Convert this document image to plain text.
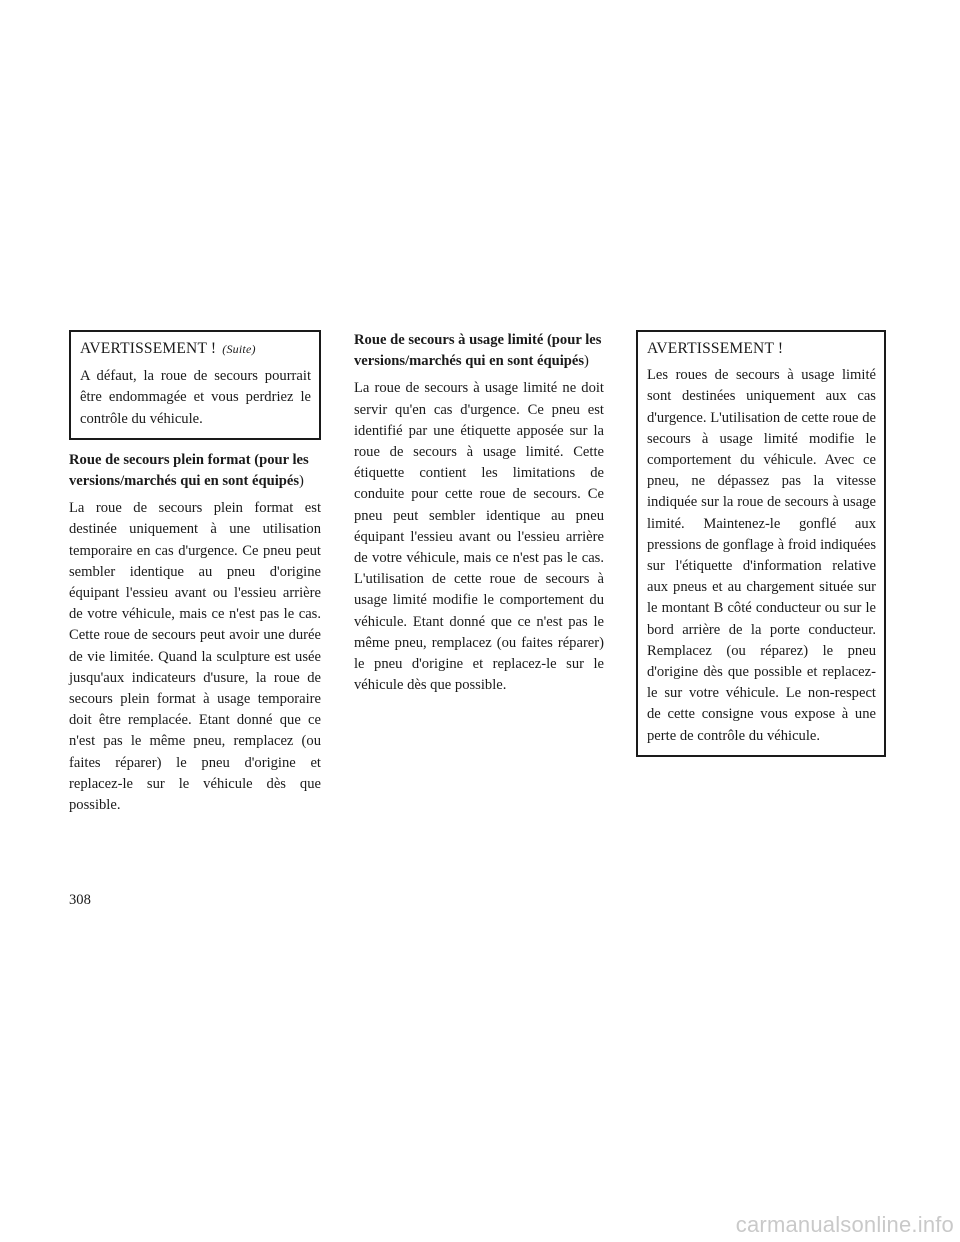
AVERTISSEMENT ! (Suite)

A défaut, la roue de secours pourrait être endommagée et vous perdriez le contrôle du véhicule.

Roue de secours plein format (pour les versions/marchés qui en sont équipés)

La roue de secours plein format est destinée uniquement à une utilisation temporaire en cas d'urgence. Ce pneu peut sembler identique au pneu d'origine équipant l'essieu avant ou l'essieu arrière de votre véhicule, mais ce n'est pas le cas. Cette roue de secours peut avoir une durée de vie limitée. Quand la sculpture est usée jusqu'aux indicateurs d'usure, la roue de secours plein format à usage temporaire doit être remplacée. Etant donné que ce n'est pas le même pneu, remplacez (ou faites réparer) le pneu d'origine et replacez-le sur le véhicule dès que possible.

Roue de secours à usage limité (pour les versions/marchés qui en sont équipés)

La roue de secours à usage limité ne doit servir qu'en cas d'urgence. Ce pneu est identifié par une étiquette apposée sur la roue de secours à usage limité. Cette étiquette contient les limitations de conduite pour cette roue de secours. Ce pneu peut sembler identique au pneu équipant l'essieu avant ou l'essieu arrière de votre véhicule, mais ce n'est pas le cas. L'utilisation de cette roue de secours à usage limité modifie le comportement du véhicule. Etant donné que ce n'est pas le même pneu, remplacez (ou faites réparer) le pneu d'origine et replacez-le sur le véhicule dès que possible.

AVERTISSEMENT !

Les roues de secours à usage limité sont destinées uniquement aux cas d'urgence. L'utilisation de cette roue de secours à usage limité modifie le comportement du véhicule. Avec ce pneu, ne dépassez pas la vitesse indiquée sur la roue de secours à usage limité. Maintenez-le gonflé aux pressions de gonflage à froid indiquées sur l'étiquette d'information relative aux pneus et au chargement située sur le montant B côté conducteur ou sur le bord arrière de la porte conducteur. Remplacez (ou réparez) le pneu d'origine dès que possible et replacez-le sur votre véhicule. Le non-respect de cette consigne vous expose à une perte de contrôle du véhicule.

308
carmanualsonline.info
